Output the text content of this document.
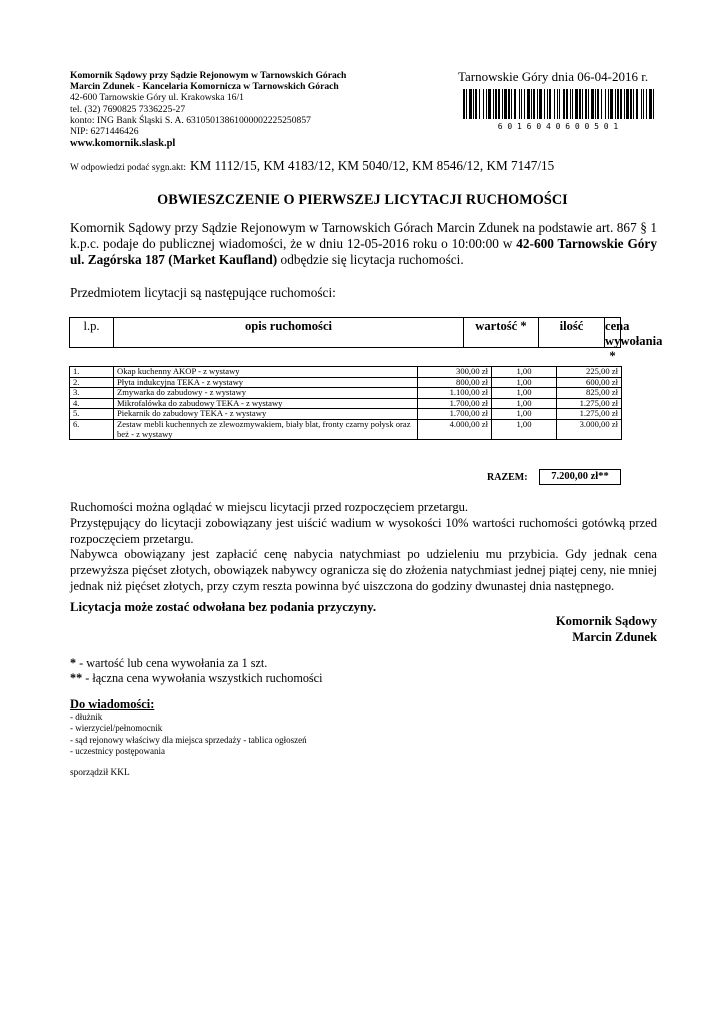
Komornik Sądowy przy Sądzie Rejonowym w Tarnowskich Górach
Marcin Zdunek - Kancelaria Komornicza w Tarnowskich Górach
42-600 Tarnowskie Góry ul. Krakowska 16/1
tel. (32) 7690825 7336225-27
konto: ING Bank Śląski S. A. 63105013861000002225250857
NIP: 6271446426
www.komornik.slask.pl
W odpowiedzi podać sygn.akt: KM 1112/15, KM 4183/12, KM 5040/12, KM 8546/12, KM 7147/15
Tarnowskie Góry dnia 06-04-2016 r.
6 0 1 6 0 4 0 6 0 0 5 0 1
OBWIESZCZENIE O PIERWSZEJ LICYTACJI RUCHOMOŚCI
Komornik Sądowy przy Sądzie Rejonowym w Tarnowskich Górach Marcin Zdunek na podstawie art. 867 § 1 k.p.c. podaje do publicznej wiadomości, że w dniu 12-05-2016 roku o 10:00:00 w 42-600 Tarnowskie Góry ul. Zagórska 187 (Market Kaufland) odbędzie się licytacja ruchomości.
Przedmiotem licytacji są następujące ruchomości:
l.p.	opis ruchomości	wartość *	ilość	cena
wywołania *
1.	Okap kuchenny AKOP - z wystawy	300,00 zł	1,00	225,00 zł
2.	Płyta indukcyjna TEKA - z wystawy	800,00 zł	1,00	600,00 zł
3.	Zmywarka do zabudowy - z wystawy	1.100,00 zł	1,00	825,00 zł
4.	Mikrofalówka do zabudowy TEKA - z wystawy	1.700,00 zł	1,00	1.275,00 zł
5.	Piekarnik do zabudowy TEKA - z wystawy	1.700,00 zł	1,00	1.275,00 zł
6.	Zestaw mebli kuchennych ze zlewozmywakiem, biały blat, fronty czarny połysk oraz beż - z wystawy	4.000,00 zł	1,00	3.000,00 zł
RAZEM:	7.200,00 zł**

Ruchomości można oglądać w miejscu licytacji przed rozpoczęciem przetargu.

Przystępujący do licytacji zobowiązany jest uiścić wadium w wysokości 10% wartości ruchomości gotówką przed rozpoczęciem przetargu.

Nabywca obowiązany jest zapłacić cenę nabycia natychmiast po udzieleniu mu przybicia. Gdy jednak cena przewyższa pięćset złotych, obowiązek nabywcy ogranicza się do złożenia natychmiast jednej piątej ceny, nie mniej jednak niż pięćset złotych, przy czym reszta powinna być uiszczona do godziny dwunastej dnia następnego.

Licytacja może zostać odwołana bez podania przyczyny.
Komornik Sądowy
Marcin Zdunek
* - wartość lub cena wywołania za 1 szt.
** - łączna cena wywołania wszystkich ruchomości
Do wiadomości:
- dłużnik
- wierzyciel/pełnomocnik
- sąd rejonowy właściwy dla miejsca sprzedaży - tablica ogłoszeń
- uczestnicy postępowania
sporządził KKL
